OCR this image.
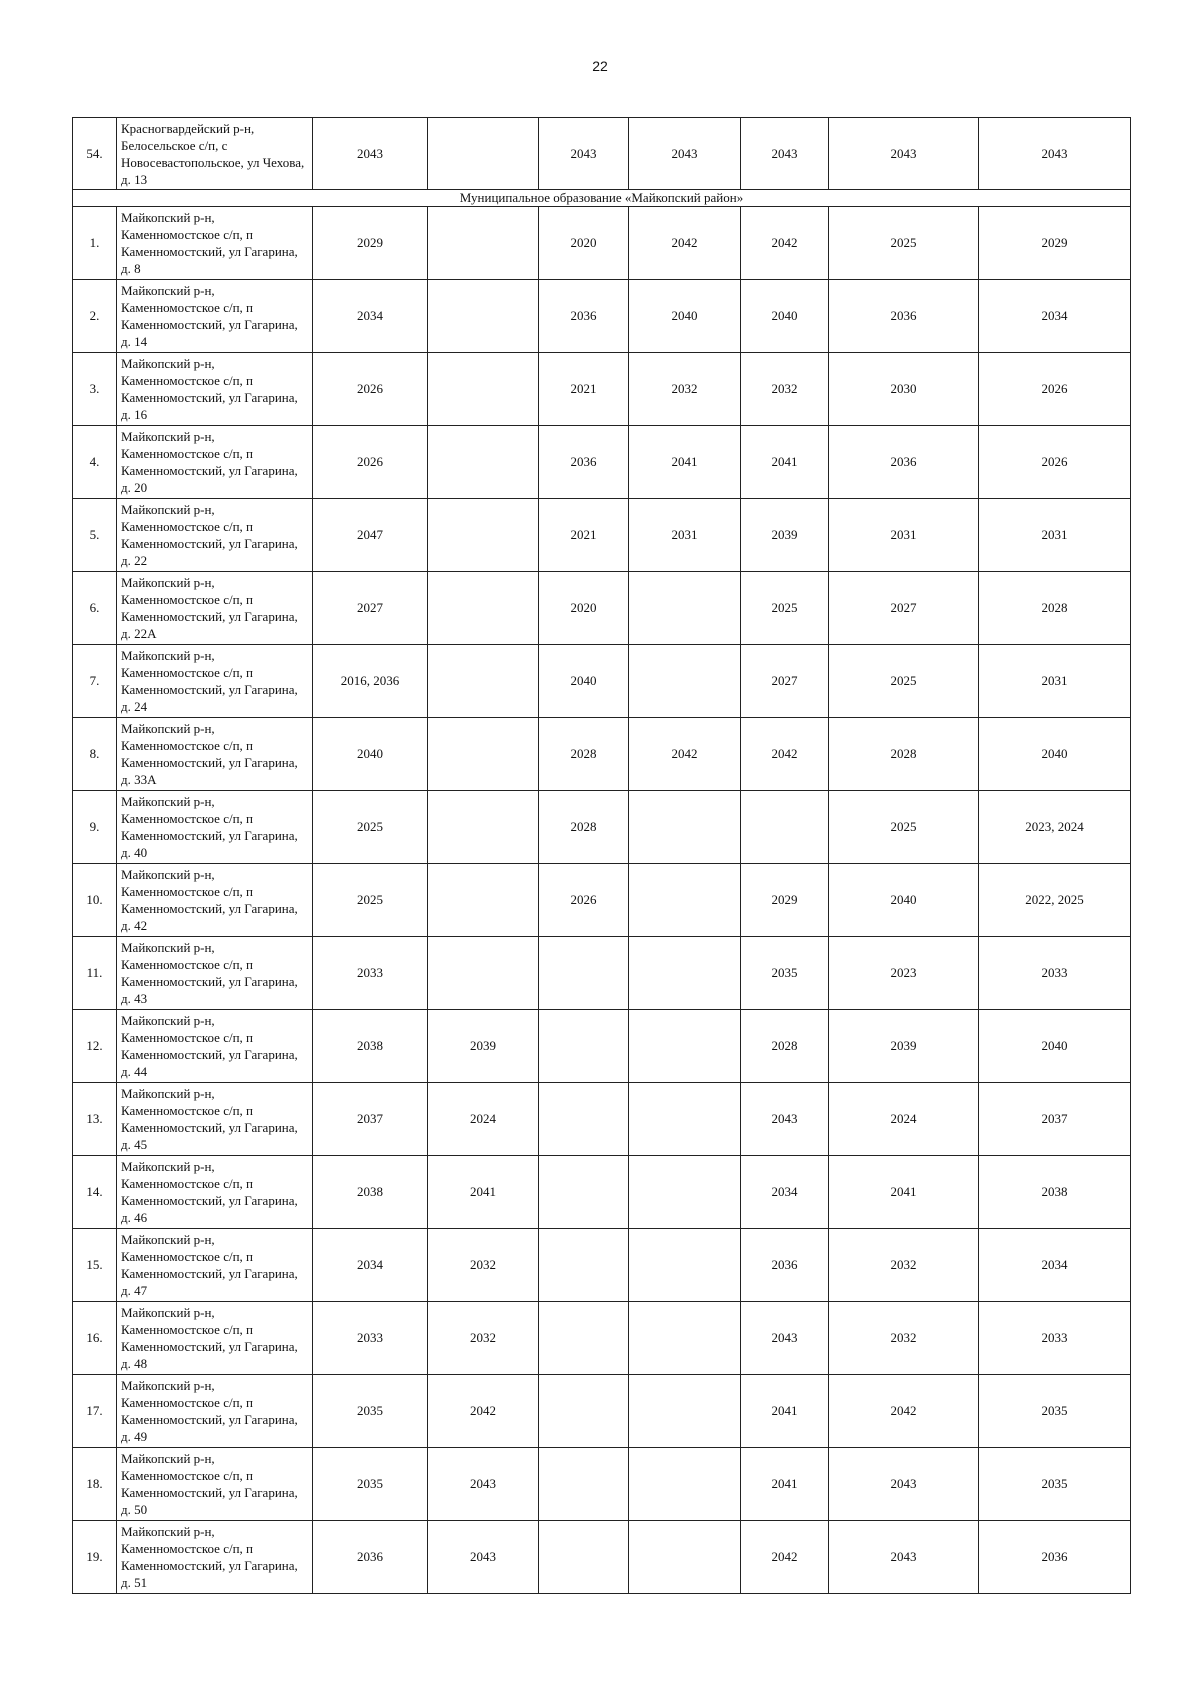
22
54.	Красногвардейский р-н, Белосельское с/п, с Новосевастопольское, ул Чехова, д. 13	2043		2043	2043	2043	2043	2043
Муниципальное образование «Майкопский район»								
1.	Майкопский р-н, Каменномостское с/п, п Каменномостский, ул Гагарина, д. 8	2029		2020	2042	2042	2025	2029
2.	Майкопский р-н, Каменномостское с/п, п Каменномостский, ул Гагарина, д. 14	2034		2036	2040	2040	2036	2034
3.	Майкопский р-н, Каменномостское с/п, п Каменномостский, ул Гагарина, д. 16	2026		2021	2032	2032	2030	2026
4.	Майкопский р-н, Каменномостское с/п, п Каменномостский, ул Гагарина, д. 20	2026		2036	2041	2041	2036	2026
5.	Майкопский р-н, Каменномостское с/п, п Каменномостский, ул Гагарина, д. 22	2047		2021	2031	2039	2031	2031
6.	Майкопский р-н, Каменномостское с/п, п Каменномостский, ул Гагарина, д. 22А	2027		2020		2025	2027	2028
7.	Майкопский р-н, Каменномостское с/п, п Каменномостский, ул Гагарина, д. 24	2016, 2036		2040		2027	2025	2031
8.	Майкопский р-н, Каменномостское с/п, п Каменномостский, ул Гагарина, д. 33А	2040		2028	2042	2042	2028	2040
9.	Майкопский р-н, Каменномостское с/п, п Каменномостский, ул Гагарина, д. 40	2025		2028			2025	2023, 2024
10.	Майкопский р-н, Каменномостское с/п, п Каменномостский, ул Гагарина, д. 42	2025		2026		2029	2040	2022, 2025
11.	Майкопский р-н, Каменномостское с/п, п Каменномостский, ул Гагарина, д. 43	2033				2035	2023	2033
12.	Майкопский р-н, Каменномостское с/п, п Каменномостский, ул Гагарина, д. 44	2038	2039			2028	2039	2040
13.	Майкопский р-н, Каменномостское с/п, п Каменномостский, ул Гагарина, д. 45	2037	2024			2043	2024	2037
14.	Майкопский р-н, Каменномостское с/п, п Каменномостский, ул Гагарина, д. 46	2038	2041			2034	2041	2038
15.	Майкопский р-н, Каменномостское с/п, п Каменномостский, ул Гагарина, д. 47	2034	2032			2036	2032	2034
16.	Майкопский р-н, Каменномостское с/п, п Каменномостский, ул Гагарина, д. 48	2033	2032			2043	2032	2033
17.	Майкопский р-н, Каменномостское с/п, п Каменномостский, ул Гагарина, д. 49	2035	2042			2041	2042	2035
18.	Майкопский р-н, Каменномостское с/п, п Каменномостский, ул Гагарина, д. 50	2035	2043			2041	2043	2035
19.	Майкопский р-н, Каменномостское с/п, п Каменномостский, ул Гагарина, д. 51	2036	2043			2042	2043	2036
